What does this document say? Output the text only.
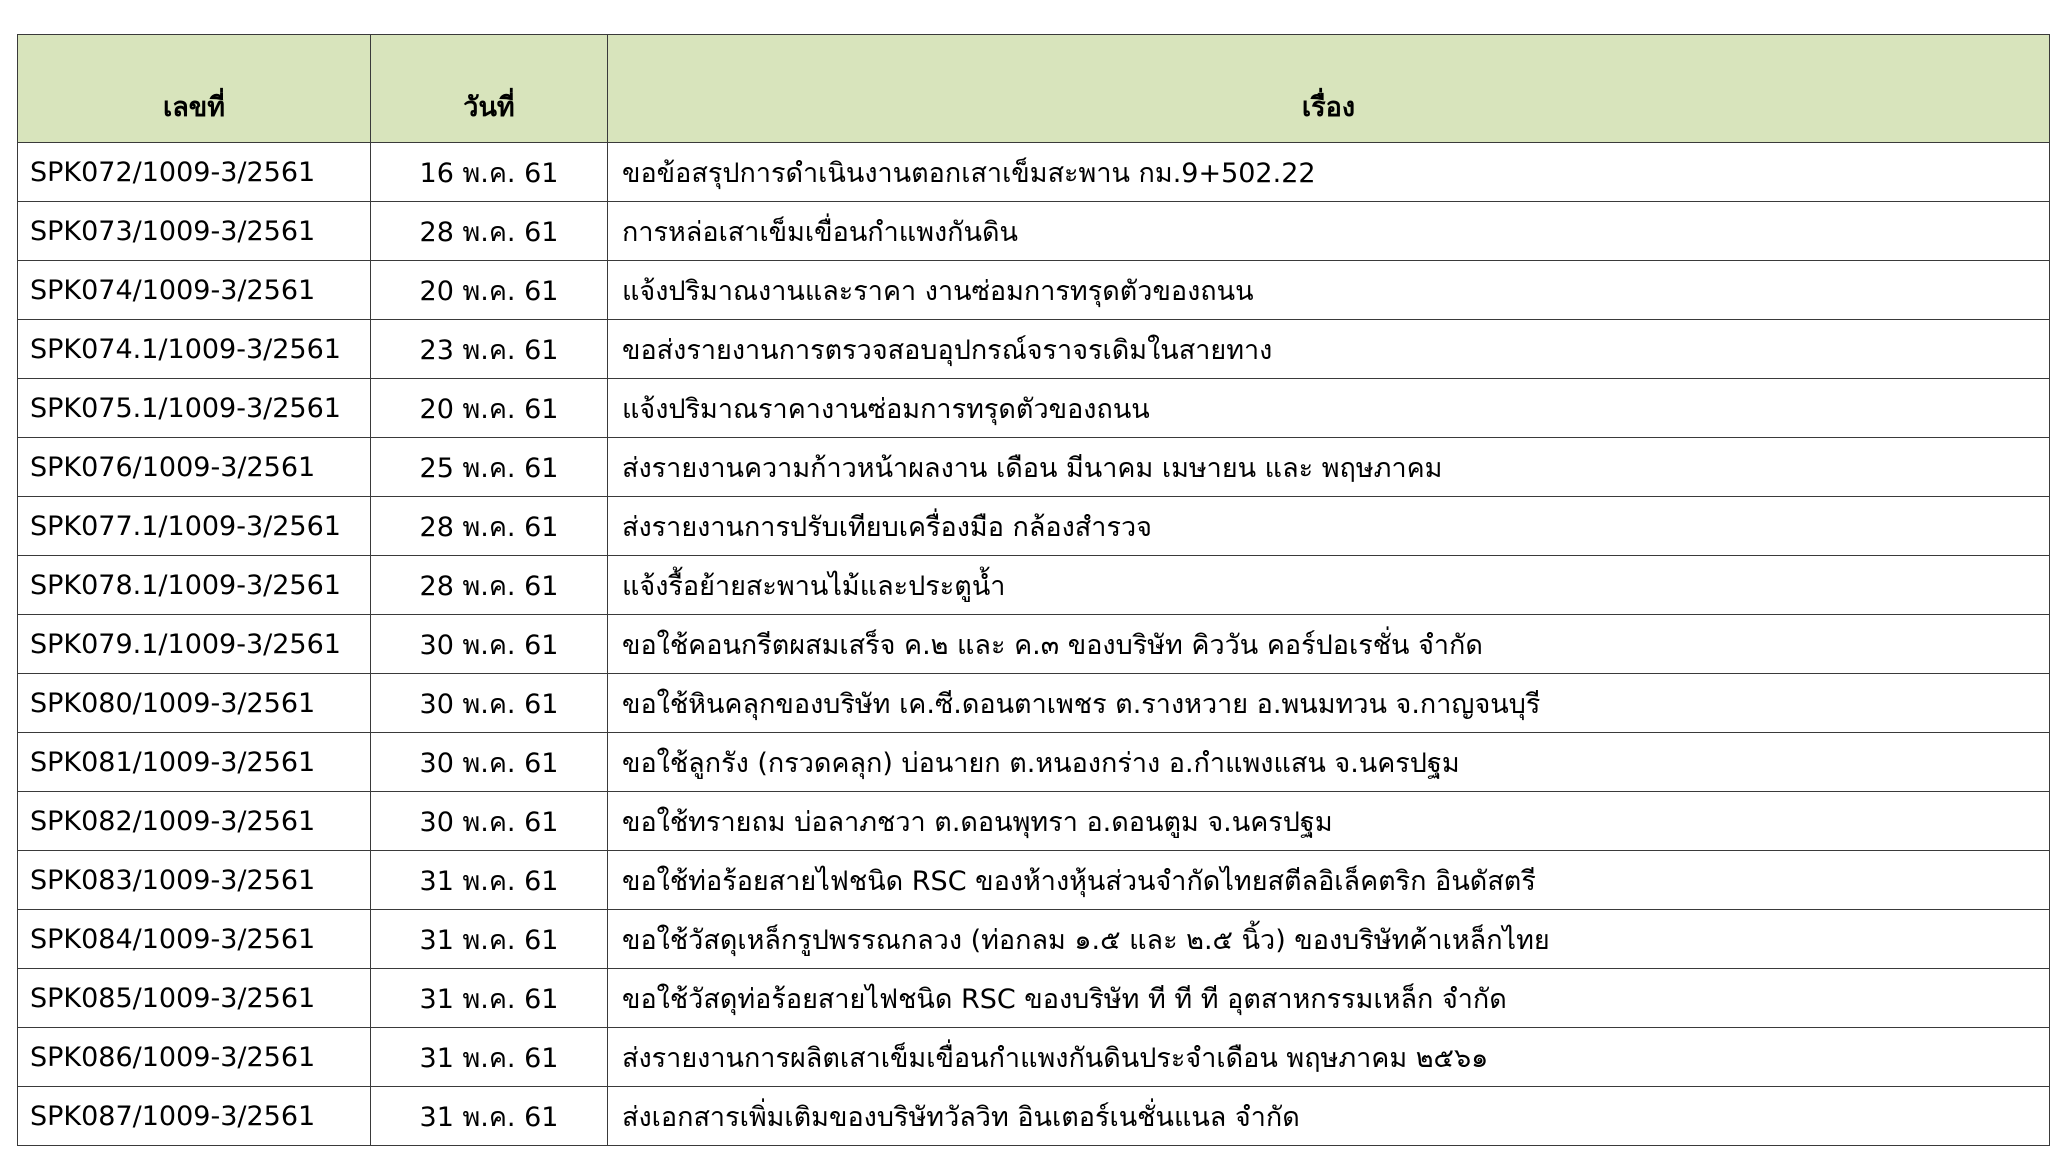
เลขที่	วันที่	เรื่อง
SPK072/1009-3/2561	16 พ.ค. 61	ขอข้อสรุปการดำเนินงานตอกเสาเข็มสะพาน กม.9+502.22
SPK073/1009-3/2561	28 พ.ค. 61	การหล่อเสาเข็มเขื่อนกำแพงกันดิน
SPK074/1009-3/2561	20 พ.ค. 61	แจ้งปริมาณงานและราคา งานซ่อมการทรุดตัวของถนน
SPK074.1/1009-3/2561	23 พ.ค. 61	ขอส่งรายงานการตรวจสอบอุปกรณ์จราจรเดิมในสายทาง
SPK075.1/1009-3/2561	20 พ.ค. 61	แจ้งปริมาณราคางานซ่อมการทรุดตัวของถนน
SPK076/1009-3/2561	25 พ.ค. 61	ส่งรายงานความก้าวหน้าผลงาน เดือน มีนาคม เมษายน และ พฤษภาคม
SPK077.1/1009-3/2561	28 พ.ค. 61	ส่งรายงานการปรับเทียบเครื่องมือ กล้องสำรวจ
SPK078.1/1009-3/2561	28 พ.ค. 61	แจ้งรื้อย้ายสะพานไม้และประตูน้ำ
SPK079.1/1009-3/2561	30 พ.ค. 61	ขอใช้คอนกรีตผสมเสร็จ ค.๒ และ ค.๓ ของบริษัท คิววัน คอร์ปอเรชั่น จำกัด
SPK080/1009-3/2561	30 พ.ค. 61	ขอใช้หินคลุกของบริษัท เค.ซี.ดอนตาเพชร ต.รางหวาย อ.พนมทวน จ.กาญจนบุรี
SPK081/1009-3/2561	30 พ.ค. 61	ขอใช้ลูกรัง (กรวดคลุก) บ่อนายก ต.หนองกร่าง อ.กำแพงแสน จ.นครปฐม
SPK082/1009-3/2561	30 พ.ค. 61	ขอใช้ทรายถม บ่อลาภชวา ต.ดอนพุทรา อ.ดอนตูม จ.นครปฐม
SPK083/1009-3/2561	31 พ.ค. 61	ขอใช้ท่อร้อยสายไฟชนิด RSC ของห้างหุ้นส่วนจำกัดไทยสตีลอิเล็คตริก อินดัสตรี
SPK084/1009-3/2561	31 พ.ค. 61	ขอใช้วัสดุเหล็กรูปพรรณกลวง (ท่อกลม ๑.๕ และ ๒.๕ นิ้ว) ของบริษัทค้าเหล็กไทย
SPK085/1009-3/2561	31 พ.ค. 61	ขอใช้วัสดุท่อร้อยสายไฟชนิด RSC ของบริษัท ที ที ที อุตสาหกรรมเหล็ก จำกัด
SPK086/1009-3/2561	31 พ.ค. 61	ส่งรายงานการผลิตเสาเข็มเขื่อนกำแพงกันดินประจำเดือน พฤษภาคม ๒๕๖๑
SPK087/1009-3/2561	31 พ.ค. 61	ส่งเอกสารเพิ่มเติมของบริษัทวัลวิท อินเตอร์เนชั่นแนล จำกัด
